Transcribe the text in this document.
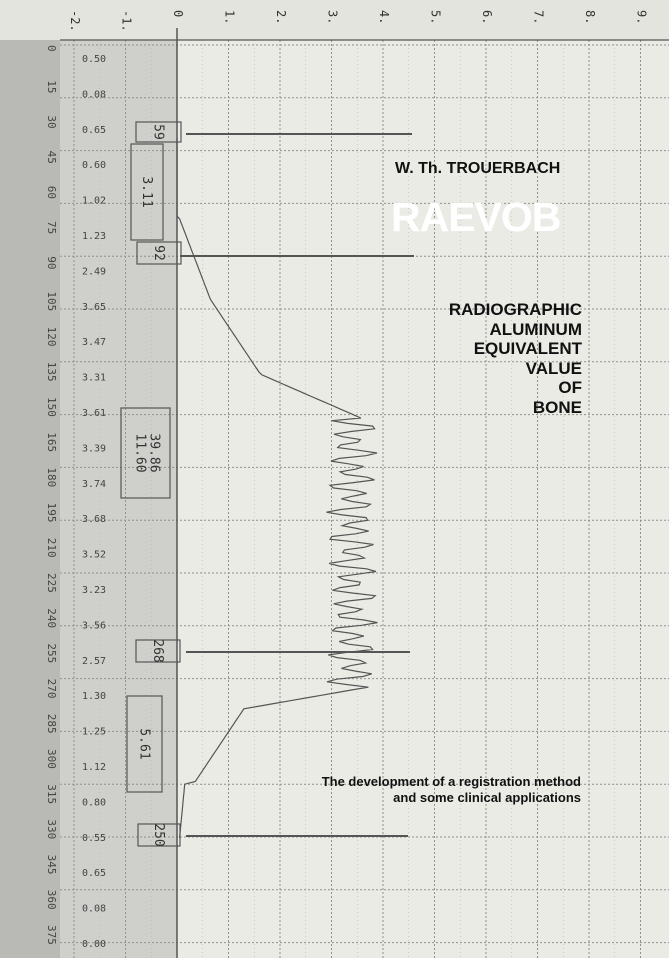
-2.	-1.	0	1.	2.	3.	4.	5.	6.	7.	8.	9.
0
15
30
45
60
75
90
105
120
135
150
165
180
195
210
225
240
255
270
285
300
315
330
345
360
375
0.50
0.08
0.65
0.60
1.02
1.23
2.49
3.65
3.47
3.31
3.61
3.39
3.74
3.68
3.52
3.23
3.56
2.57
1.30
1.25
1.12
0.80
0.55
0.65
0.08
0.00
59
3.11
92
39.86
11.60
268
5.61
250
W. Th. TROUERBACH
RAEVOB
RADIOGRAPHIC
ALUMINUM
EQUIVALENT
VALUE
OF
BONE
The development of a registration method
and some clinical applications
